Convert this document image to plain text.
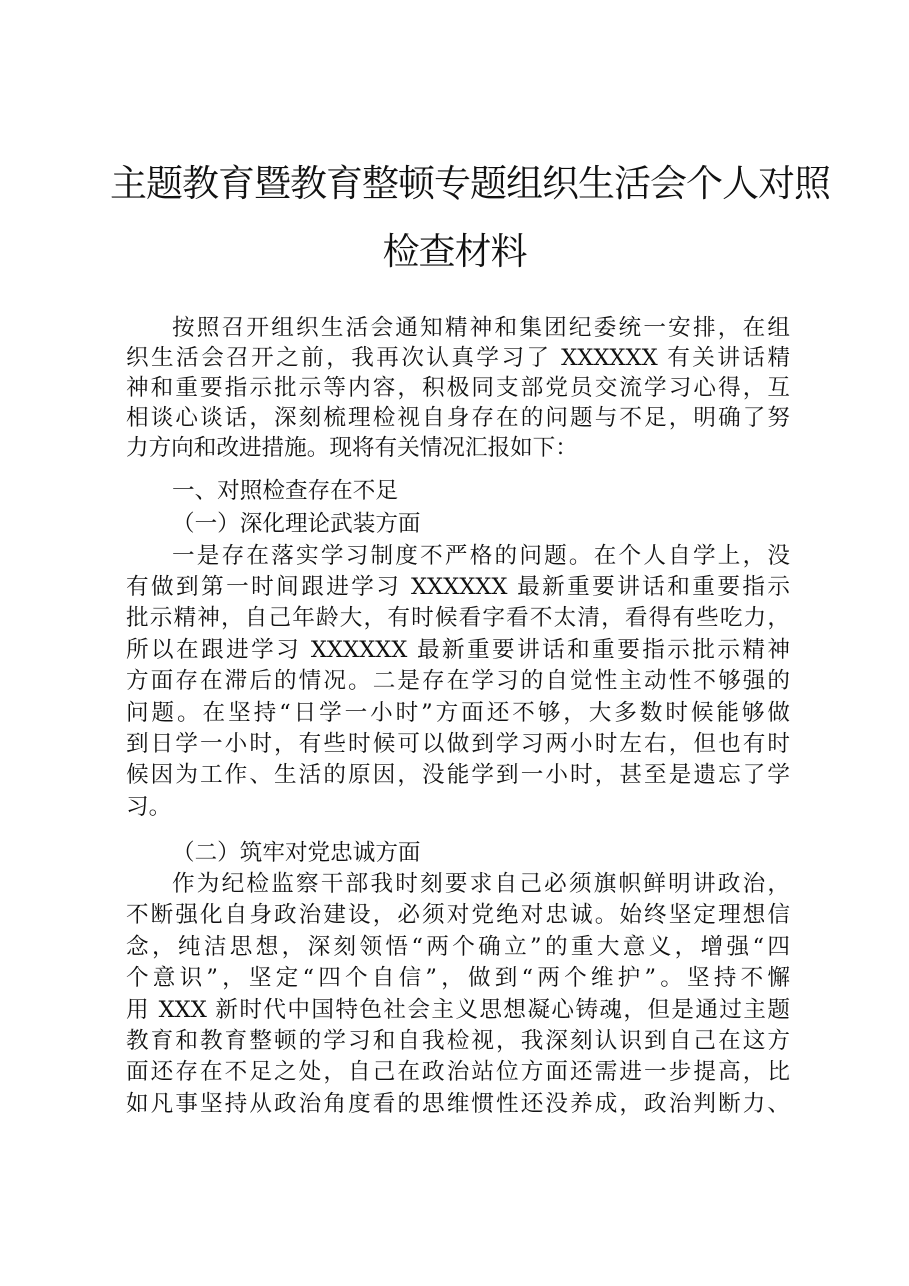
主题教育暨教育整顿专题组织生活会个人对照
检查材料
按照召开组织生活会通知精神和集团纪委统一安排，在组
织生活会召开之前，我再次认真学习了 XXXXXX 有关讲话精
神和重要指示批示等内容，积极同支部党员交流学习心得，互
相谈心谈话，深刻梳理检视自身存在的问题与不足，明确了努
力方向和改进措施。现将有关情况汇报如下：
一、对照检查存在不足
（一）深化理论武装方面
一是存在落实学习制度不严格的问题。在个人自学上，没
有做到第一时间跟进学习 XXXXXX 最新重要讲话和重要指示
批示精神，自己年龄大，有时候看字看不太清，看得有些吃力，
所以在跟进学习 XXXXXX 最新重要讲话和重要指示批示精神
方面存在滞后的情况。二是存在学习的自觉性主动性不够强的
问题。在坚持“日学一小时”方面还不够，大多数时候能够做
到日学一小时，有些时候可以做到学习两小时左右，但也有时
候因为工作、生活的原因，没能学到一小时，甚至是遗忘了学
习。
（二）筑牢对党忠诚方面
作为纪检监察干部我时刻要求自己必须旗帜鲜明讲政治，
不断强化自身政治建设，必须对党绝对忠诚。始终坚定理想信
念，纯洁思想，深刻领悟“两个确立”的重大意义，增强“四
个意识”，坚定“四个自信”，做到“两个维护”。坚持不懈
用 XXX 新时代中国特色社会主义思想凝心铸魂，但是通过主题
教育和教育整顿的学习和自我检视，我深刻认识到自己在这方
面还存在不足之处，自己在政治站位方面还需进一步提高，比
如凡事坚持从政治角度看的思维惯性还没养成，政治判断力、
